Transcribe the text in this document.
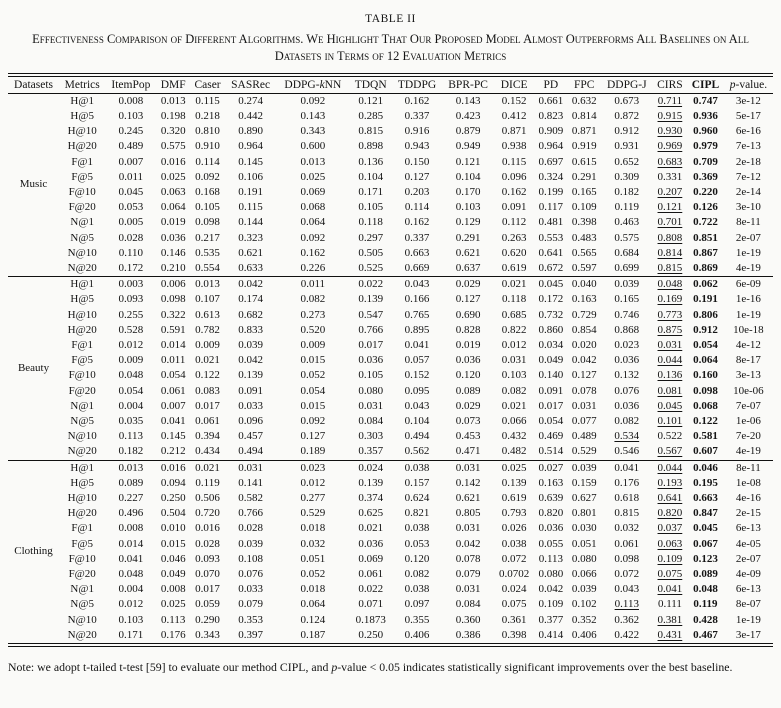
TABLE II
Effectiveness Comparison of Different Algorithms. We Highlight That Our Proposed Model Almost Outperforms All Baselines on All Datasets in Terms of 12 Evaluation Metrics
Datasets	Metrics	ItemPop	DMF	Caser	SASRec	DDPG-kNN	TDQN	TDDPG	BPR-PC	DICE	PD	FPC	DDPG-J	CIRS	CIPL	p-value.
Music	H@1	0.008	0.013	0.115	0.274	0.092	0.121	0.162	0.143	0.152	0.661	0.632	0.673	0.711	0.747	3e-12
	H@5	0.103	0.198	0.218	0.442	0.143	0.285	0.337	0.423	0.412	0.823	0.814	0.872	0.915	0.936	5e-17
	H@10	0.245	0.320	0.810	0.890	0.343	0.815	0.916	0.879	0.871	0.909	0.871	0.912	0.930	0.960	6e-16
	H@20	0.489	0.575	0.910	0.964	0.600	0.898	0.943	0.949	0.938	0.964	0.919	0.931	0.969	0.979	7e-13
	F@1	0.007	0.016	0.114	0.145	0.013	0.136	0.150	0.121	0.115	0.697	0.615	0.652	0.683	0.709	2e-18
	F@5	0.011	0.025	0.092	0.106	0.025	0.104	0.127	0.104	0.096	0.324	0.291	0.309	0.331	0.369	7e-12
	F@10	0.045	0.063	0.168	0.191	0.069	0.171	0.203	0.170	0.162	0.199	0.165	0.182	0.207	0.220	2e-14
	F@20	0.053	0.064	0.105	0.115	0.068	0.105	0.114	0.103	0.091	0.117	0.109	0.119	0.121	0.126	3e-10
	N@1	0.005	0.019	0.098	0.144	0.064	0.118	0.162	0.129	0.112	0.481	0.398	0.463	0.701	0.722	8e-11
	N@5	0.028	0.036	0.217	0.323	0.092	0.297	0.337	0.291	0.263	0.553	0.483	0.575	0.808	0.851	2e-07
	N@10	0.110	0.146	0.535	0.621	0.162	0.505	0.663	0.621	0.620	0.641	0.565	0.684	0.814	0.867	1e-19
	N@20	0.172	0.210	0.554	0.633	0.226	0.525	0.669	0.637	0.619	0.672	0.597	0.699	0.815	0.869	4e-19
Beauty	H@1	0.003	0.006	0.013	0.042	0.011	0.022	0.043	0.029	0.021	0.045	0.040	0.039	0.048	0.062	6e-09
	H@5	0.093	0.098	0.107	0.174	0.082	0.139	0.166	0.127	0.118	0.172	0.163	0.165	0.169	0.191	1e-16
	H@10	0.255	0.322	0.613	0.682	0.273	0.547	0.765	0.690	0.685	0.732	0.729	0.746	0.773	0.806	1e-19
	H@20	0.528	0.591	0.782	0.833	0.520	0.766	0.895	0.828	0.822	0.860	0.854	0.868	0.875	0.912	10e-18
	F@1	0.012	0.014	0.009	0.039	0.009	0.017	0.041	0.019	0.012	0.034	0.020	0.023	0.031	0.054	4e-12
	F@5	0.009	0.011	0.021	0.042	0.015	0.036	0.057	0.036	0.031	0.049	0.042	0.036	0.044	0.064	8e-17
	F@10	0.048	0.054	0.122	0.139	0.052	0.105	0.152	0.120	0.103	0.140	0.127	0.132	0.136	0.160	3e-13
	F@20	0.054	0.061	0.083	0.091	0.054	0.080	0.095	0.089	0.082	0.091	0.078	0.076	0.081	0.098	10e-06
	N@1	0.004	0.007	0.017	0.033	0.015	0.031	0.043	0.029	0.021	0.017	0.031	0.036	0.045	0.068	7e-07
	N@5	0.035	0.041	0.061	0.096	0.092	0.084	0.104	0.073	0.066	0.054	0.077	0.082	0.101	0.122	1e-06
	N@10	0.113	0.145	0.394	0.457	0.127	0.303	0.494	0.453	0.432	0.469	0.489	0.534	0.522	0.581	7e-20
	N@20	0.182	0.212	0.434	0.494	0.189	0.357	0.562	0.471	0.482	0.514	0.529	0.546	0.567	0.607	4e-19
Clothing	H@1	0.013	0.016	0.021	0.031	0.023	0.024	0.038	0.031	0.025	0.027	0.039	0.041	0.044	0.046	8e-11
	H@5	0.089	0.094	0.119	0.141	0.012	0.139	0.157	0.142	0.139	0.163	0.159	0.176	0.193	0.195	1e-08
	H@10	0.227	0.250	0.506	0.582	0.277	0.374	0.624	0.621	0.619	0.639	0.627	0.618	0.641	0.663	4e-16
	H@20	0.496	0.504	0.720	0.766	0.529	0.625	0.821	0.805	0.793	0.820	0.801	0.815	0.820	0.847	2e-15
	F@1	0.008	0.010	0.016	0.028	0.018	0.021	0.038	0.031	0.026	0.036	0.030	0.032	0.037	0.045	6e-13
	F@5	0.014	0.015	0.028	0.039	0.032	0.036	0.053	0.042	0.038	0.055	0.051	0.061	0.063	0.067	4e-05
	F@10	0.041	0.046	0.093	0.108	0.051	0.069	0.120	0.078	0.072	0.113	0.080	0.098	0.109	0.123	2e-07
	F@20	0.048	0.049	0.070	0.076	0.052	0.061	0.082	0.079	0.0702	0.080	0.066	0.072	0.075	0.089	4e-09
	N@1	0.004	0.008	0.017	0.033	0.018	0.022	0.038	0.031	0.024	0.042	0.039	0.043	0.041	0.048	6e-13
	N@5	0.012	0.025	0.059	0.079	0.064	0.071	0.097	0.084	0.075	0.109	0.102	0.113	0.111	0.119	8e-07
	N@10	0.103	0.113	0.290	0.353	0.124	0.1873	0.355	0.360	0.361	0.377	0.352	0.362	0.381	0.428	1e-19
	N@20	0.171	0.176	0.343	0.397	0.187	0.250	0.406	0.386	0.398	0.414	0.406	0.422	0.431	0.467	3e-17
Note: we adopt t-tailed t-test [59] to evaluate our method CIPL, and p-value < 0.05 indicates statistically significant improvements over the best baseline.
